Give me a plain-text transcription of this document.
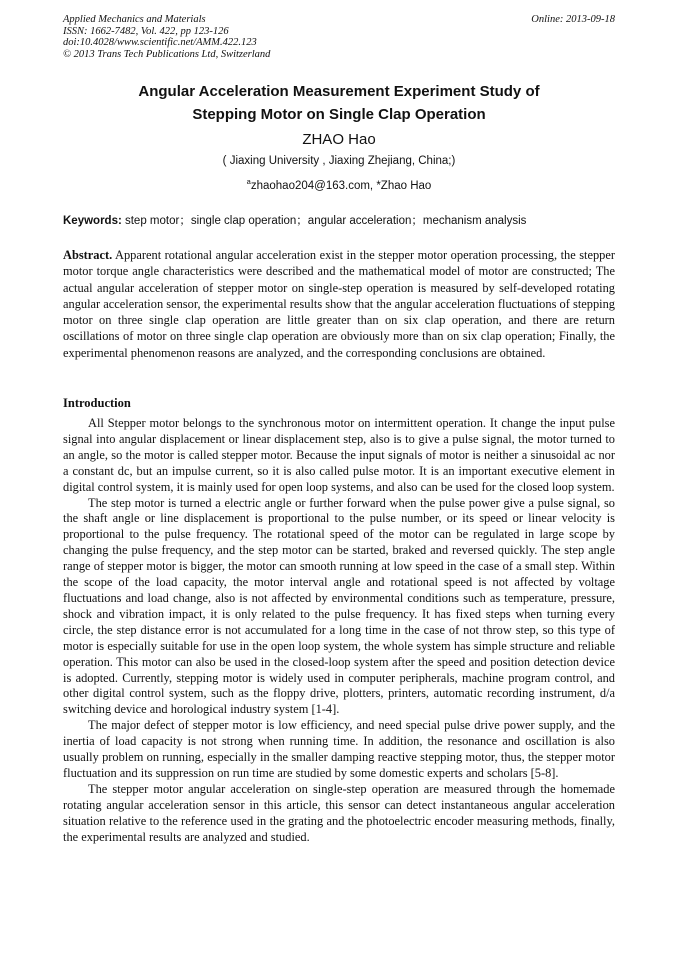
Applied Mechanics and Materials
ISSN: 1662-7482, Vol. 422, pp 123-126
doi:10.4028/www.scientific.net/AMM.422.123
© 2013 Trans Tech Publications Ltd, Switzerland
Online: 2013-09-18
Angular Acceleration Measurement Experiment Study of
Stepping Motor on Single Clap Operation
ZHAO Hao
( Jiaxing University , Jiaxing Zhejiang, China;)
$^a$zhaohao204@163.com, *Zhao Hao
Keywords: step motor；single clap operation；angular acceleration；mechanism analysis

Abstract. Apparent rotational angular acceleration exist in the stepper motor operation processing, the stepper motor torque angle characteristics were described and the mathematical model of motor are constructed; The actual angular acceleration of stepper motor on single-step operation is measured by self-developed rotating angular acceleration sensor, the experimental results show that the angular acceleration fluctuations of stepping motor on three single clap operation are little greater than on six clap operation, and there are return oscillations of motor on three single clap operation are obviously more than on six clap operation; Finally, the experimental phenomenon reasons are analyzed, and the corresponding conclusions are obtained.

Introduction

All Stepper motor belongs to the synchronous motor on intermittent operation. It change the input pulse signal into angular displacement or linear displacement step, also is to give a pulse signal, the motor turned to an angle, so the motor is called stepper motor. Because the input signals of motor is neither a sinusoidal ac nor a constant dc, but an impulse current, so it is also called pulse motor. It is an important executive element in digital control system, it is mainly used for open loop systems, and also can be used for the closed loop system.

The step motor is turned a electric angle or further forward when the pulse power give a pulse signal, so the shaft angle or line displacement is proportional to the pulse number, or its speed or linear velocity is proportional to the pulse frequency. The rotational speed of the motor can be regulated in large scope by changing the pulse frequency, and the step motor can be started, braked and reversed quickly. The step angle range of stepper motor is bigger, the motor can smooth running at low speed in the case of a small step. Within the scope of the load capacity, the motor interval angle and rotational speed is not affected by voltage fluctuations and load change, also is not affected by environmental conditions such as temperature, pressure, shock and vibration impact, it is only related to the pulse frequency. It has fixed steps when turning every circle, the step distance error is not accumulated for a long time in the case of not throw step, so this type of motor is especially suitable for use in the open loop system, the whole system has simple structure and reliable operation. This motor can also be used in the closed-loop system after the speed and position detection device is adopted. Currently, stepping motor is widely used in computer peripherals, machine program control, and other digital control system, such as the floppy drive, plotters, printers, automatic recording instrument, d/a switching device and horological industry system [1-4].

The major defect of stepper motor is low efficiency, and need special pulse drive power supply, and the inertia of load capacity is not strong when running time. In addition, the resonance and oscillation is also usually problem on running, especially in the smaller damping reactive stepping motor, thus, the stepper motor fluctuation and its suppression on run time are studied by some domestic experts and scholars [5-8].

The stepper motor angular acceleration on single-step operation are measured through the homemade rotating angular acceleration sensor in this article, this sensor can detect instantaneous angular acceleration situation relative to the reference used in the grating and the photoelectric encoder measuring methods, finally, the experimental results are analyzed and studied.
